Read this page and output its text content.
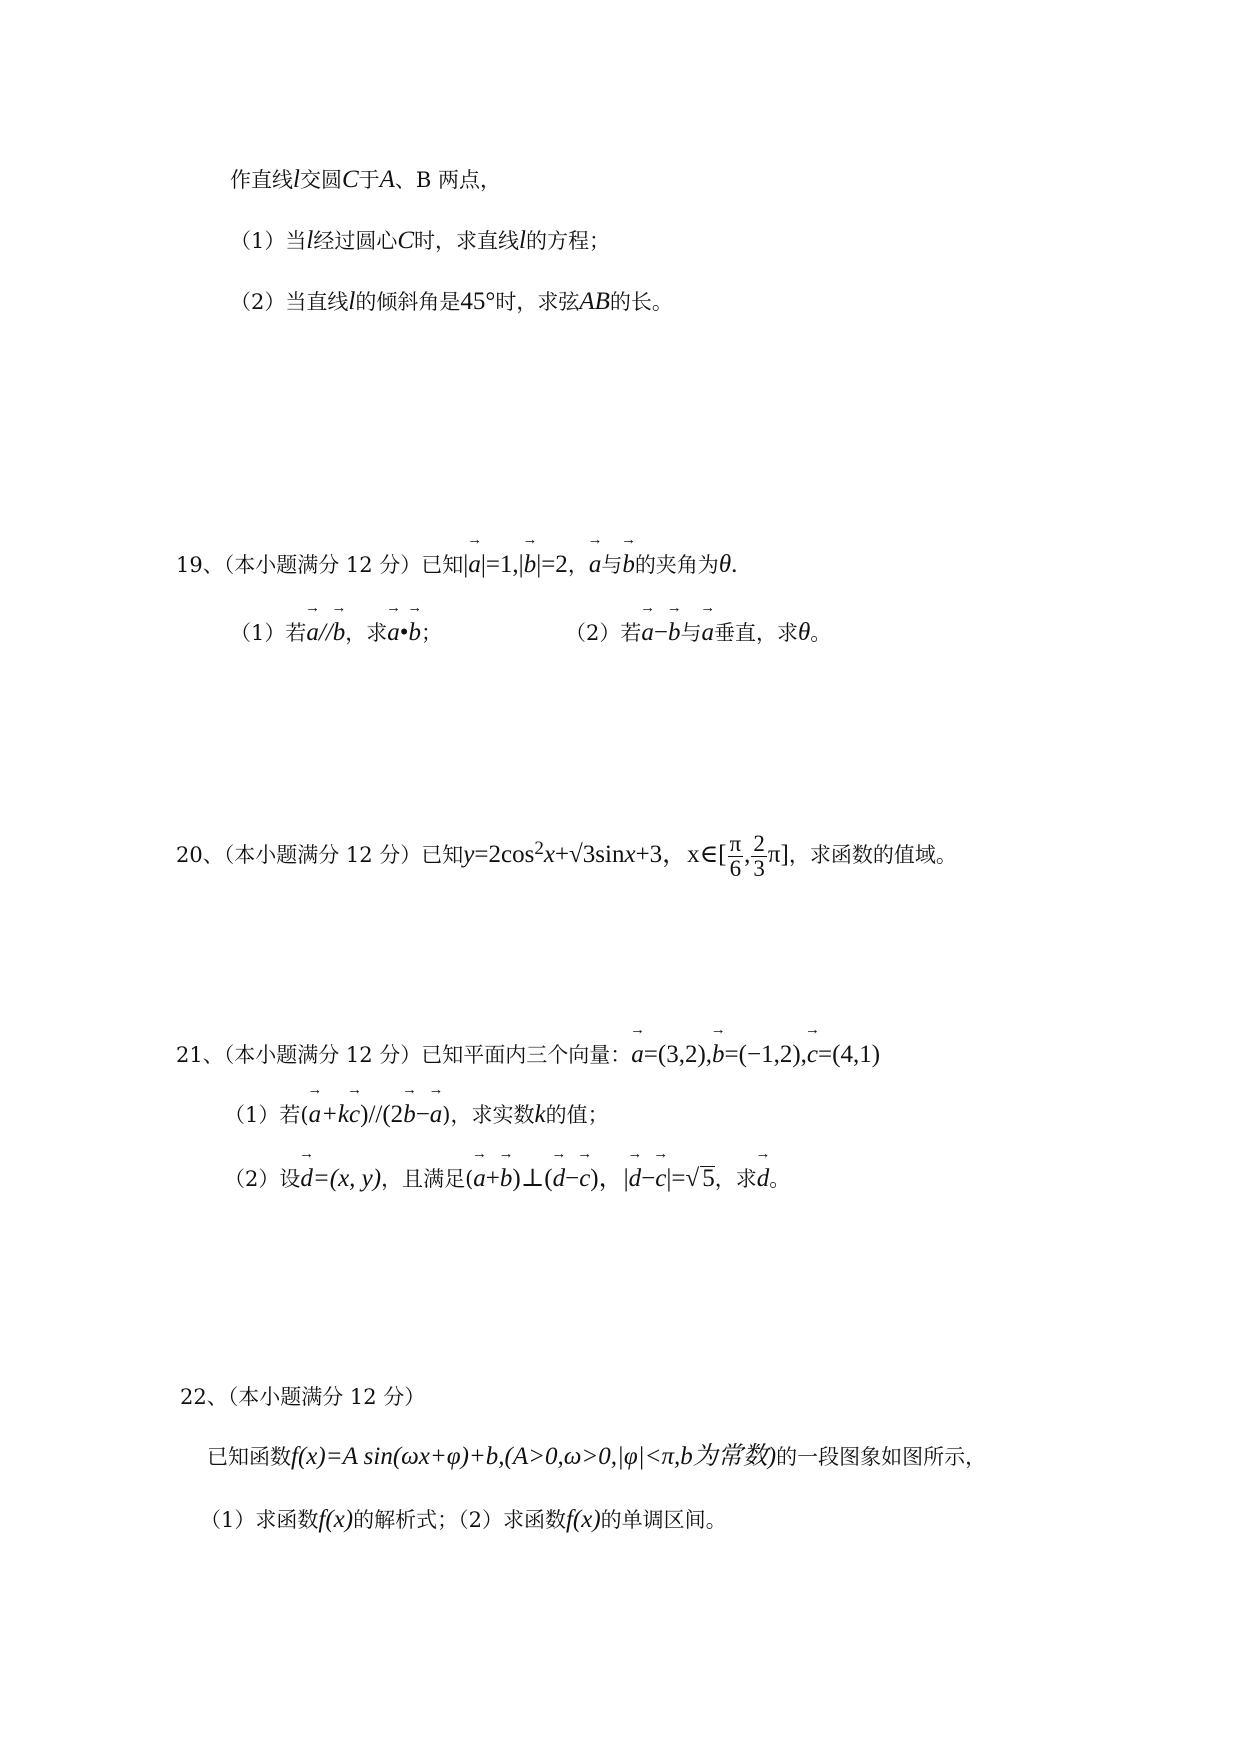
作直线l交圆C于A、B 两点，
（1）当l经过圆心C时，求直线l的方程；
（2）当直线l的倾斜角是45°时，求弦AB的长。
19、（本小题满分 12 分）已知|→ a|=1,|→ b|=2，→ a与→ b的夹角为θ.
（1）若→ a//→ b，求→ a•→ b；	（2）若→ a−→ b与→ a垂直，求θ。
20、（本小题满分 12 分）已知$y=2\cos^2x+√3\sin x+3$，x∈[ $\frac{\pi}{6}$ , $\frac{2}{3} \pi$]，求函数的值域。
21、（本小题满分 12 分）已知平面内三个向量：→ a=(3,2),→ b=(−1,2),→ c=(4,1)
（1）若(→ a+k→ c)//(2→ b−→ a)，求实数k的值；
（2）设→ d=(x, y)，且满足(→ a+→ b)⊥(→ d−→ c)，|→ d−→ c|=√ 5，求→ d。
22、（本小题满分 12 分）
已知函数f(x)=A sin(ωx+φ)+b,(A>0,ω>0,|φ|<π,b为常数)的一段图象如图所示，
（1）求函数f(x)的解析式；（2）求函数f(x)的单调区间。
